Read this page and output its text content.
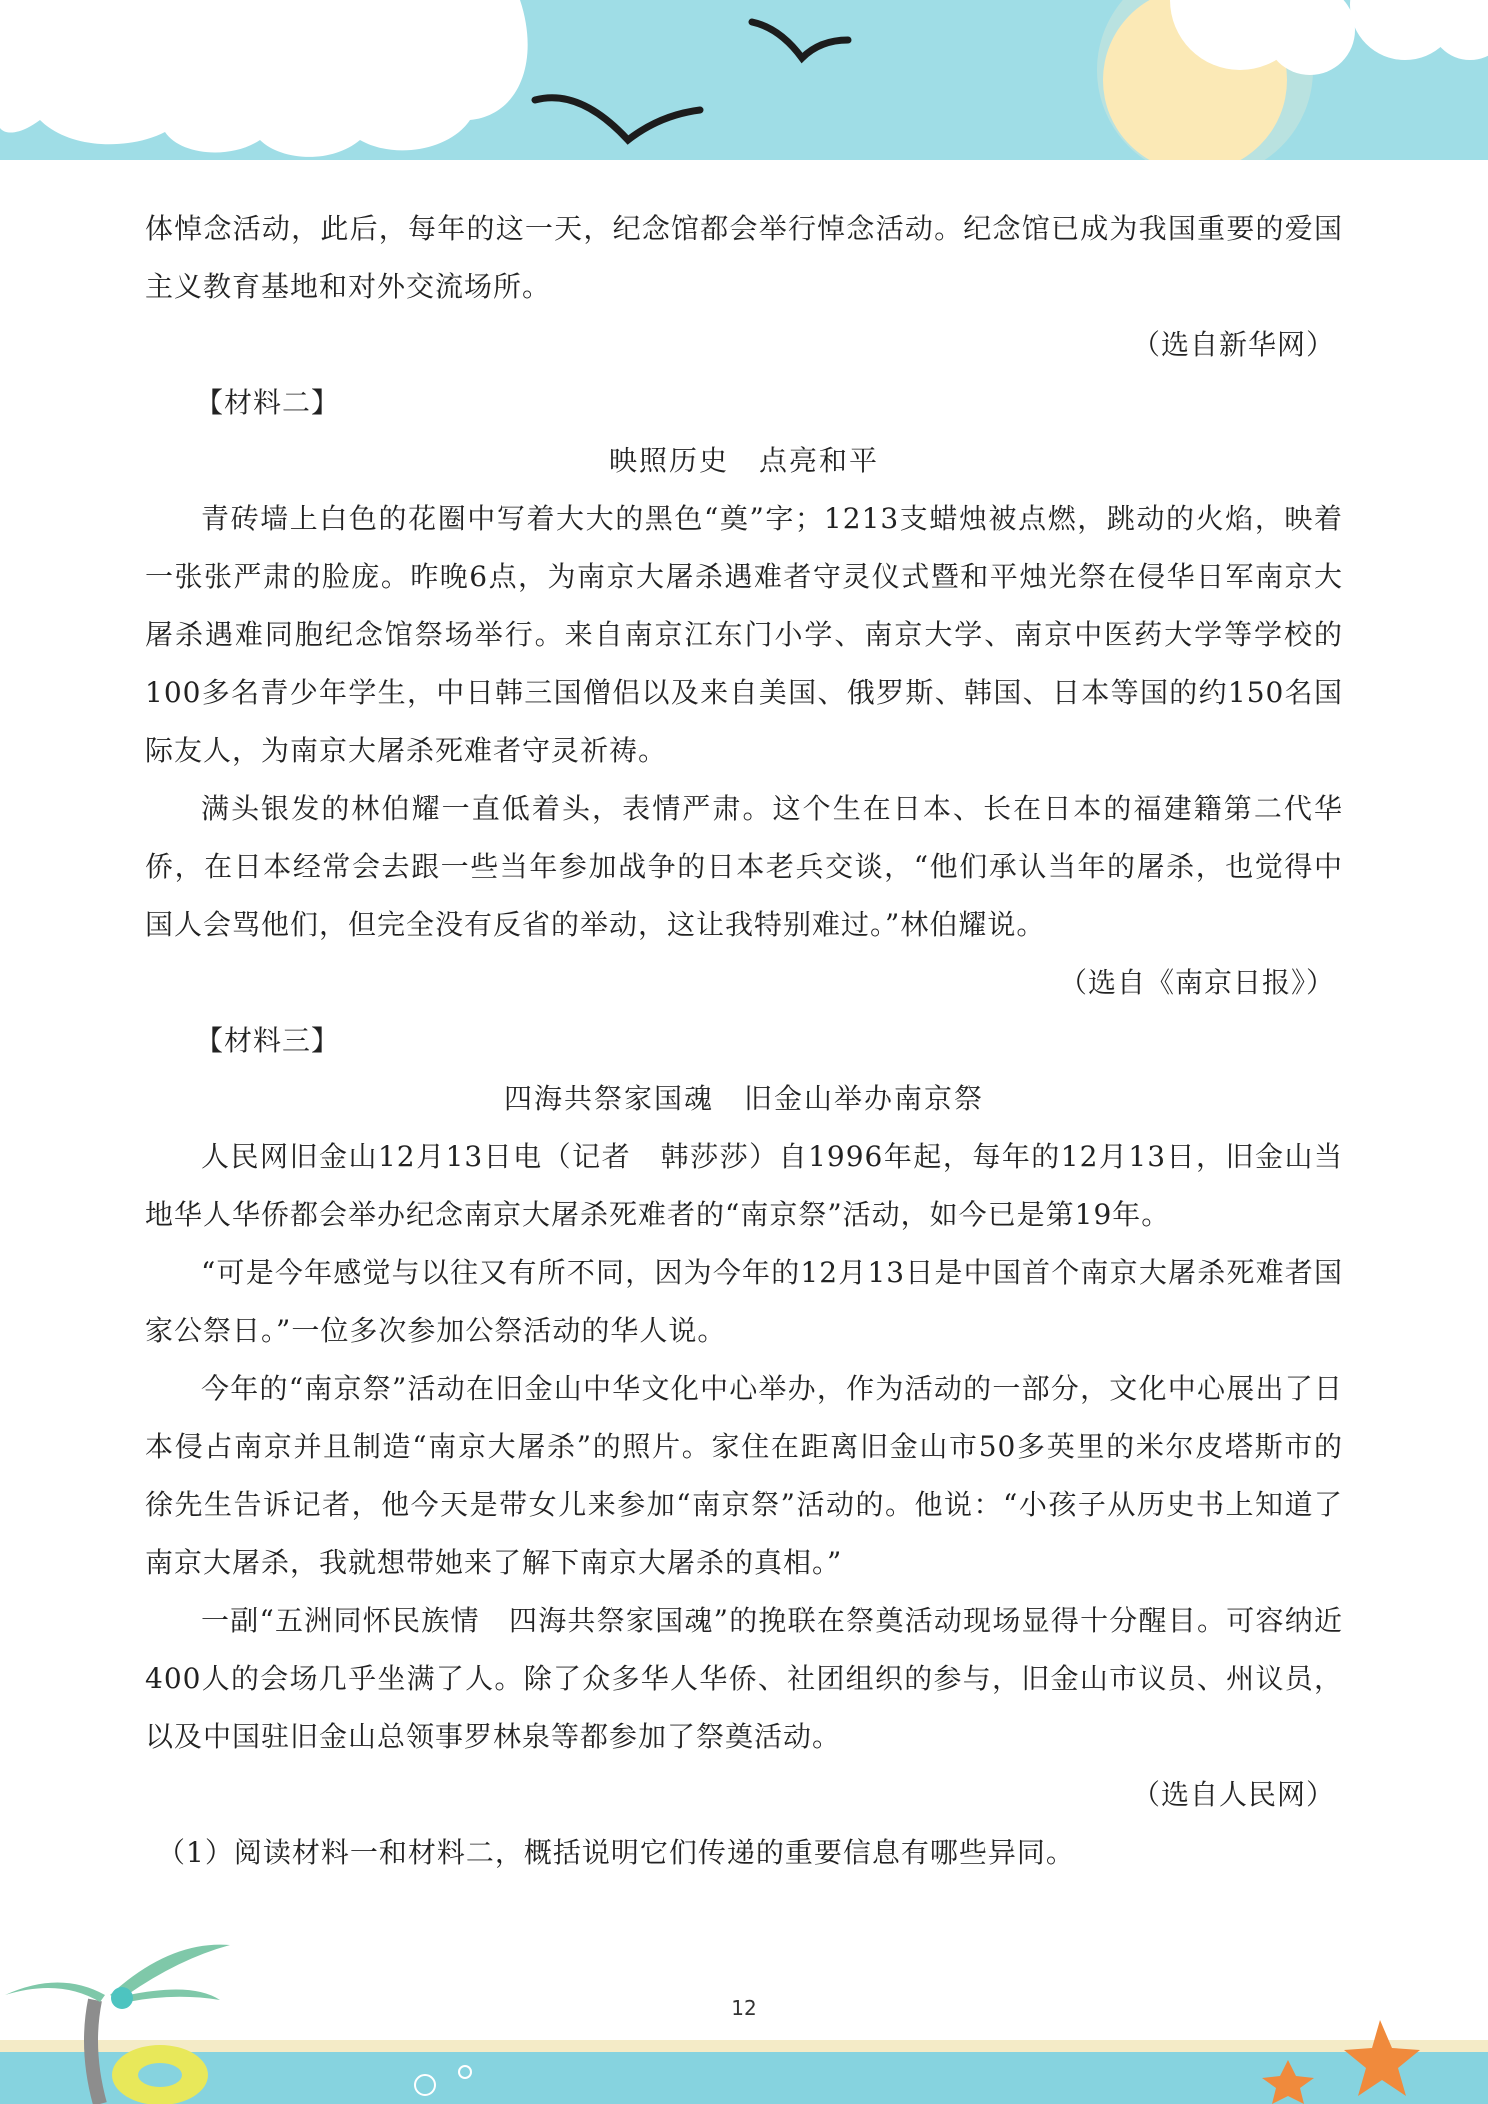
体悼念活动，此后，每年的这一天，纪念馆都会举行悼念活动。纪念馆已成为我国重要的爱国主义教育基地和对外交流场所。

（选自新华网）

【材料二】

映照历史　点亮和平

青砖墙上白色的花圈中写着大大的黑色“奠”字；1213支蜡烛被点燃，跳动的火焰，映着一张张严肃的脸庞。昨晚6点，为南京大屠杀遇难者守灵仪式暨和平烛光祭在侵华日军南京大屠杀遇难同胞纪念馆祭场举行。来自南京江东门小学、南京大学、南京中医药大学等学校的100多名青少年学生，中日韩三国僧侣以及来自美国、俄罗斯、韩国、日本等国的约150名国际友人，为南京大屠杀死难者守灵祈祷。

满头银发的林伯耀一直低着头，表情严肃。这个生在日本、长在日本的福建籍第二代华侨，在日本经常会去跟一些当年参加战争的日本老兵交谈，“他们承认当年的屠杀，也觉得中国人会骂他们，但完全没有反省的举动，这让我特别难过。”林伯耀说。

（选自《南京日报》）

【材料三】

四海共祭家国魂　旧金山举办南京祭

人民网旧金山12月13日电（记者　韩莎莎）自1996年起，每年的12月13日，旧金山当地华人华侨都会举办纪念南京大屠杀死难者的“南京祭”活动，如今已是第19年。

“可是今年感觉与以往又有所不同，因为今年的12月13日是中国首个南京大屠杀死难者国家公祭日。”一位多次参加公祭活动的华人说。

今年的“南京祭”活动在旧金山中华文化中心举办，作为活动的一部分，文化中心展出了日本侵占南京并且制造“南京大屠杀”的照片。家住在距离旧金山市50多英里的米尔皮塔斯市的徐先生告诉记者，他今天是带女儿来参加“南京祭”活动的。他说：“小孩子从历史书上知道了南京大屠杀，我就想带她来了解下南京大屠杀的真相。”

一副“五洲同怀民族情　四海共祭家国魂”的挽联在祭奠活动现场显得十分醒目。可容纳近400人的会场几乎坐满了人。除了众多华人华侨、社团组织的参与，旧金山市议员、州议员，以及中国驻旧金山总领事罗林泉等都参加了祭奠活动。

（选自人民网）

（1）阅读材料一和材料二，概括说明它们传递的重要信息有哪些异同。

12
